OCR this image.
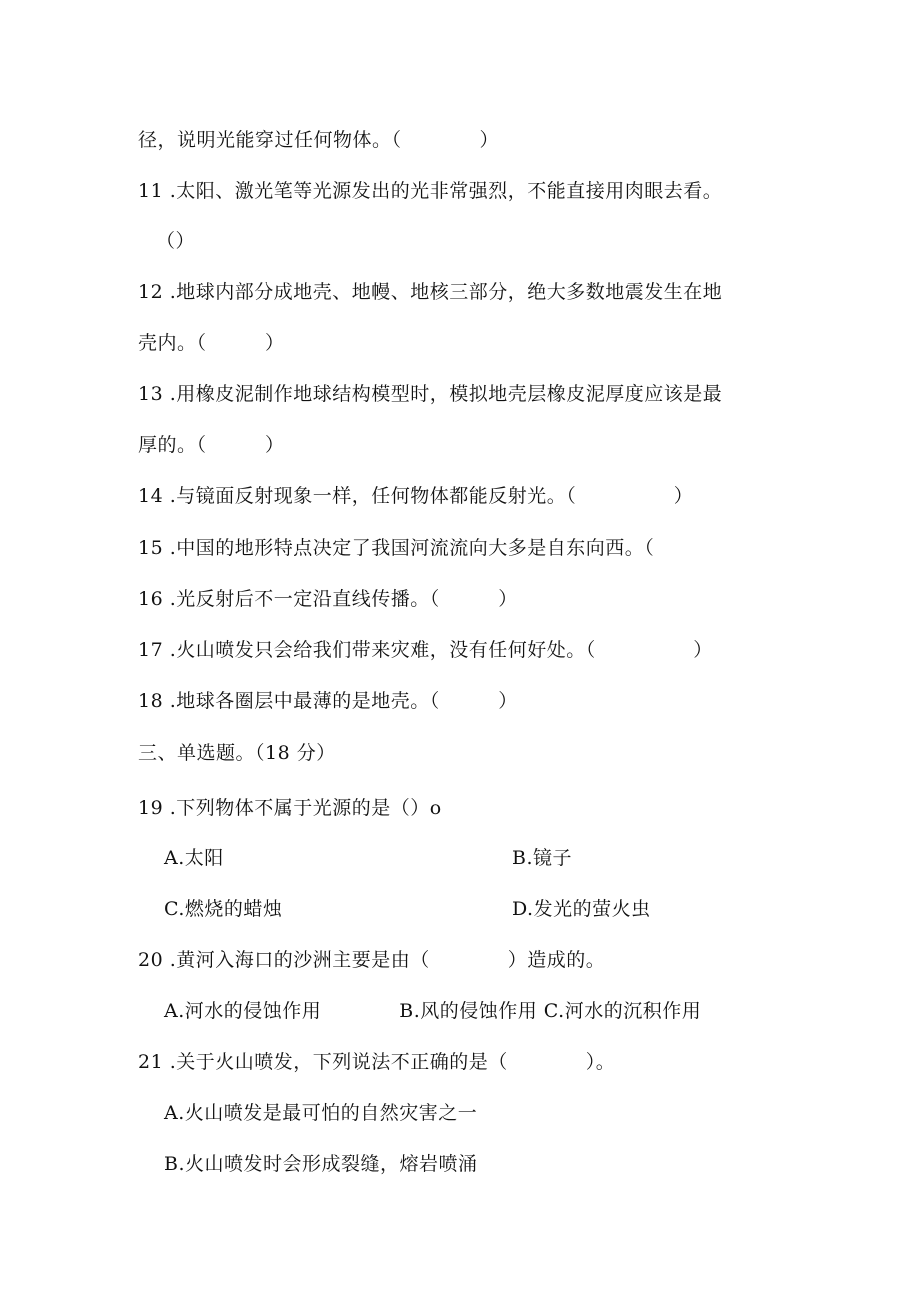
径，说明光能穿过任何物体。（　　　　）
11 .太阳、激光笔等光源发出的光非常强烈，不能直接用肉眼去看。
（）
12 .地球内部分成地壳、地幔、地核三部分，绝大多数地震发生在地
壳内。（　　　）
13 .用橡皮泥制作地球结构模型时，模拟地壳层橡皮泥厚度应该是最
厚的。（　　　）
14 .与镜面反射现象一样，任何物体都能反射光。（　　　　　）
15 .中国的地形特点决定了我国河流流向大多是自东向西。（
16 .光反射后不一定沿直线传播。（　　　）
17 .火山喷发只会给我们带来灾难，没有任何好处。（　　　　　）
18 .地球各圈层中最薄的是地壳。（　　　）
三、单选题。（18 分）
19 .下列物体不属于光源的是（）o
A.太阳	B.镜子
C.燃烧的蜡烛	D.发光的萤火虫
20 .黄河入海口的沙洲主要是由（　　　　）造成的。
A.河水的侵蚀作用　　　　B.风的侵蚀作用 C.河水的沉积作用
21 .关于火山喷发，下列说法不正确的是（　　　　）。
A.火山喷发是最可怕的自然灾害之一
B.火山喷发时会形成裂缝，熔岩喷涌
